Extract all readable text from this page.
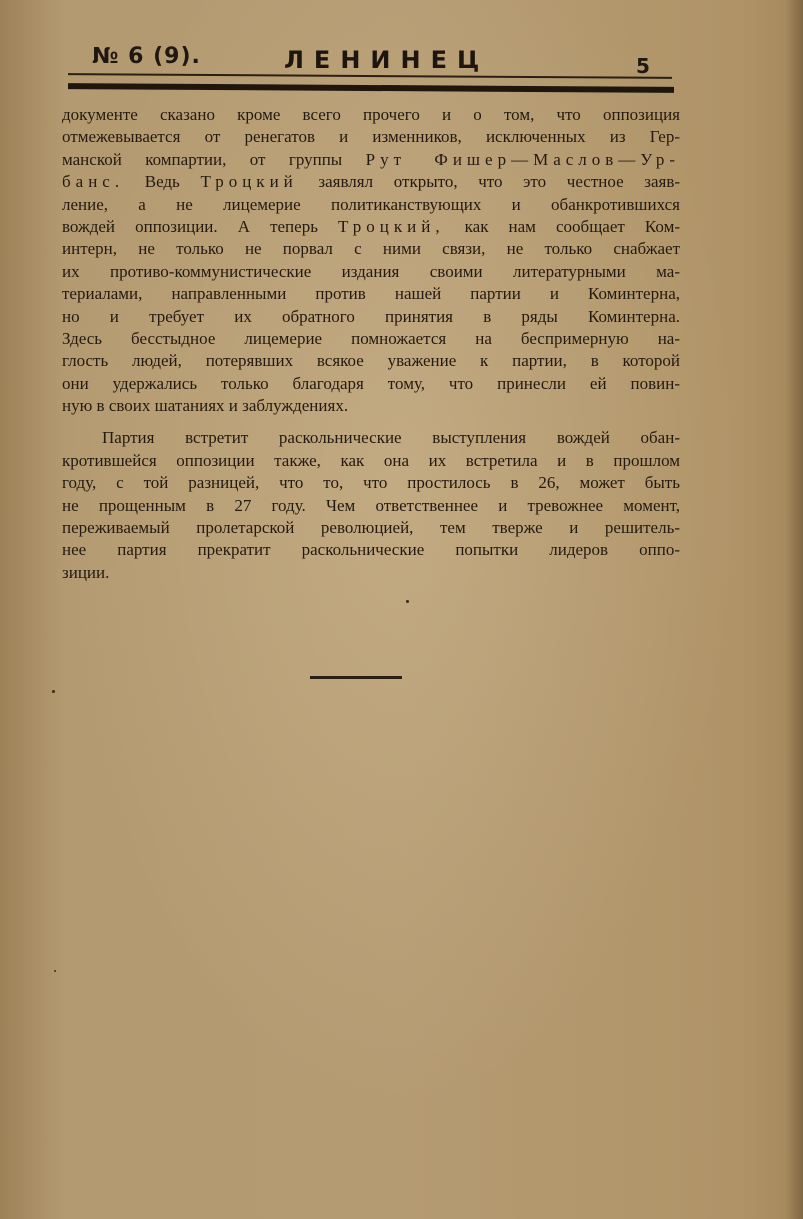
№ 6 (9).	ЛЕНИНЕЦ	5
документе сказано кроме всего прочего и о том, что оппозиция
отмежевывается от ренегатов и изменников, исключенных из Гер-
манской компартии, от группы Рут Фишер—Маслов—Ур-
банс. Ведь Троцкий заявлял открыто, что это честное заяв-
ление, а не лицемерие политиканствующих и обанкротившихся
вождей оппозиции. А теперь Троцкий, как нам сообщает Ком-
интерн, не только не порвал с ними связи, не только снабжает
их противо-коммунистические издания своими литературными ма-
териалами, направленными против нашей партии и Коминтерна,
но и требует их обратного принятия в ряды Коминтерна.
Здесь бесстыдное лицемерие помножается на беспримерную на-
глость людей, потерявших всякое уважение к партии, в которой
они удержались только благодаря тому, что принесли ей повин-
ную в своих шатаниях и заблуждениях.
Партия встретит раскольнические выступления вождей обан-
кротившейся оппозиции также, как она их встретила и в прошлом
году, с той разницей, что то, что простилось в 26, может быть
не прощенным в 27 году. Чем ответственнее и тревожнее момент,
переживаемый пролетарской революцией, тем тверже и решитель-
нее партия прекратит раскольнические попытки лидеров оппо-
зиции.
